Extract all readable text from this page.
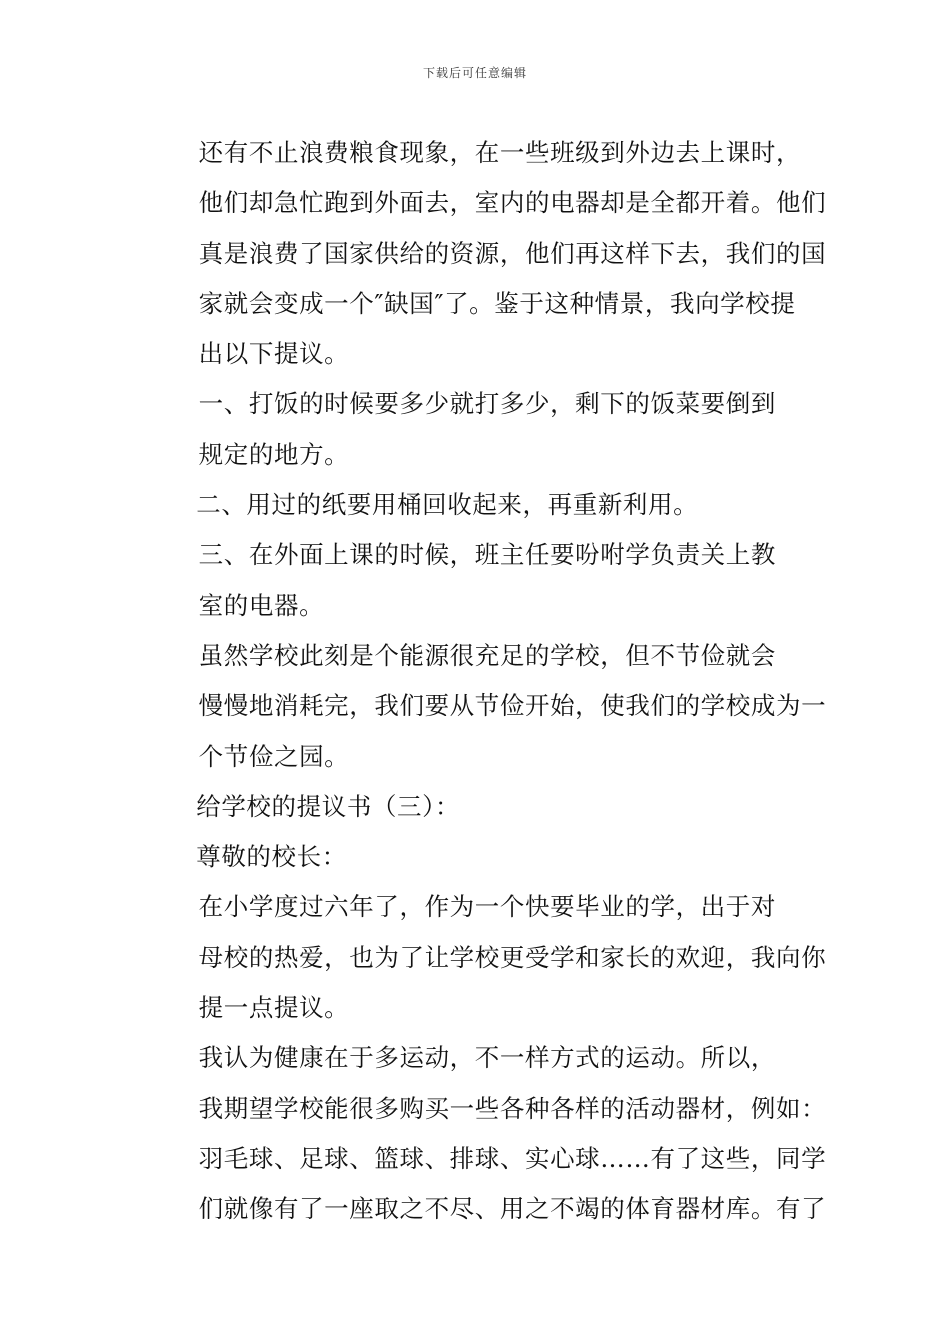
下载后可任意编辑

还有不止浪费粮食现象，在一些班级到外边去上课时，
他们却急忙跑到外面去，室内的电器却是全都开着。他们
真是浪费了国家供给的资源，他们再这样下去，我们的国
家就会变成一个″缺国″了。鉴于这种情景，我向学校提
出以下提议。

一、打饭的时候要多少就打多少，剩下的饭菜要倒到
规定的地方。

二、用过的纸要用桶回收起来，再重新利用。

三、在外面上课的时候，班主任要吩咐学负责关上教
室的电器。

虽然学校此刻是个能源很充足的学校，但不节俭就会
慢慢地消耗完，我们要从节俭开始，使我们的学校成为一
个节俭之园。

给学校的提议书（三）：

尊敬的校长：

在小学度过六年了，作为一个快要毕业的学，出于对
母校的热爱，也为了让学校更受学和家长的欢迎，我向你
提一点提议。

我认为健康在于多运动，不一样方式的运动。所以，
我期望学校能很多购买一些各种各样的活动器材，例如：
羽毛球、足球、篮球、排球、实心球……有了这些，同学
们就像有了一座取之不尽、用之不竭的体育器材库。有了
